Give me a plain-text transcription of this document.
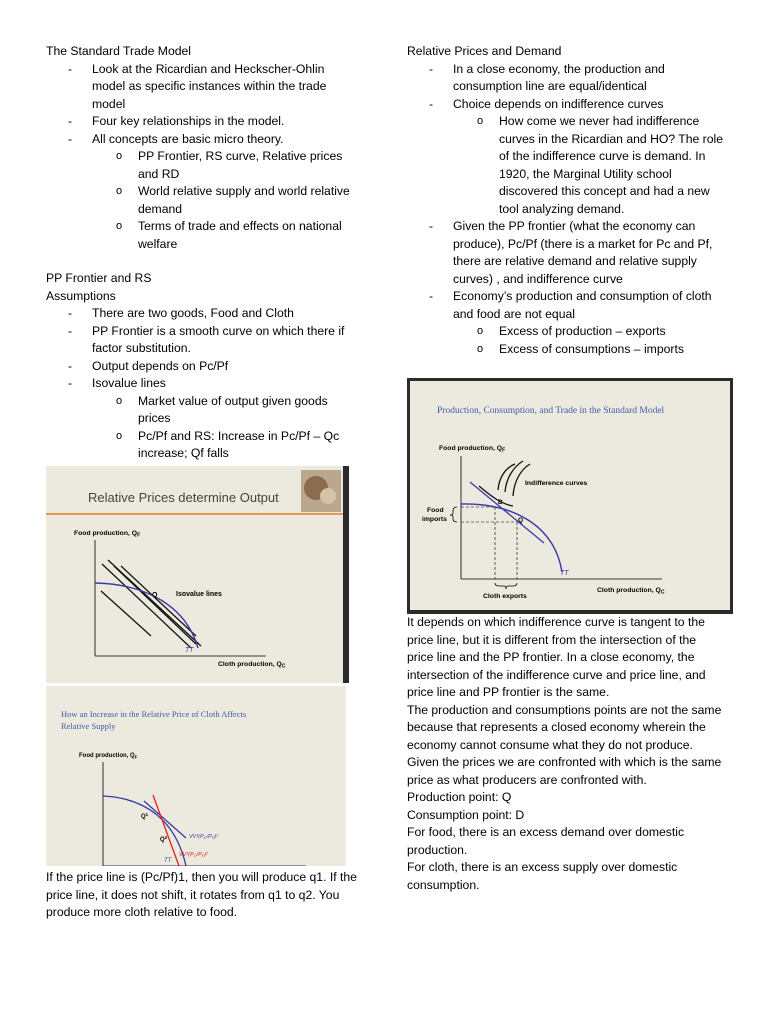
The Standard Trade Model

- Look at the Ricardian and Heckscher-Ohlin model as specific instances within the trade model
- Four key relationships in the model.
- All concepts are basic micro theory.
o PP Frontier, RS curve, Relative prices and RD
o World relative supply and world relative demand
o Terms of trade and effects on national welfare

PP Frontier and RS

Assumptions

- There are two goods, Food and Cloth
- PP Frontier is a smooth curve on which there if factor substitution.
- Output depends on Pc/Pf
- Isovalue lines
o Market value of output given goods prices
o Pc/Pf and RS: Increase in Pc/Pf – Qc increase; Qf falls
Relative Prices determine Output
Food production, $Q_F$
Q	Isovalue lines
TT
Cloth production, $Q_C$
How an Increase in the Relative Price of Cloth Affects
Relative Supply
Food production, $Q_F$
$Q^1$
$Q^2$	VV¹(PC/PF)¹
VV²(PC/PF)²
TT
If the price line is (Pc/Pf)1, then you will produce q1. If the price line, it does not shift, it rotates from q1 to q2. You produce more cloth relative to food.

Relative Prices and Demand

- In a close economy, the production and consumption line are equal/identical
- Choice depends on indifference curves
o How come we never had indifference curves in the Ricardian and HO? The role of the indifference curve is demand. In 1920, the Marginal Utility school discovered this concept and had a new tool analyzing demand.
- Given the PP frontier (what the economy can produce), Pc/Pf (there is a market for Pc and Pf, there are relative demand and relative supply curves) , and indifference curve
- Economy’s production and consumption of cloth and food are not equal
o Excess of production – exports
o Excess of consumptions – imports
Production, Consumption, and Trade in the Standard Model
Food production, $Q_F$
D
Q
Indifference curves
Food
imports
TT
Cloth exports
Cloth production, $Q_C$
It depends on which indifference curve is tangent to the price line, but it is different from the intersection of the price line and the PP frontier. In a close economy, the intersection of the indifference curve and price line, and price line and PP frontier is the same.
The production and consumptions points are not the same because that represents a closed economy wherein the economy cannot consume what they do not produce.
Given the prices we are confronted with which is the same price as what producers are confronted with.
Production point: Q
Consumption point: D
For food, there is an excess demand over domestic production.
For cloth, there is an excess supply over domestic consumption.
